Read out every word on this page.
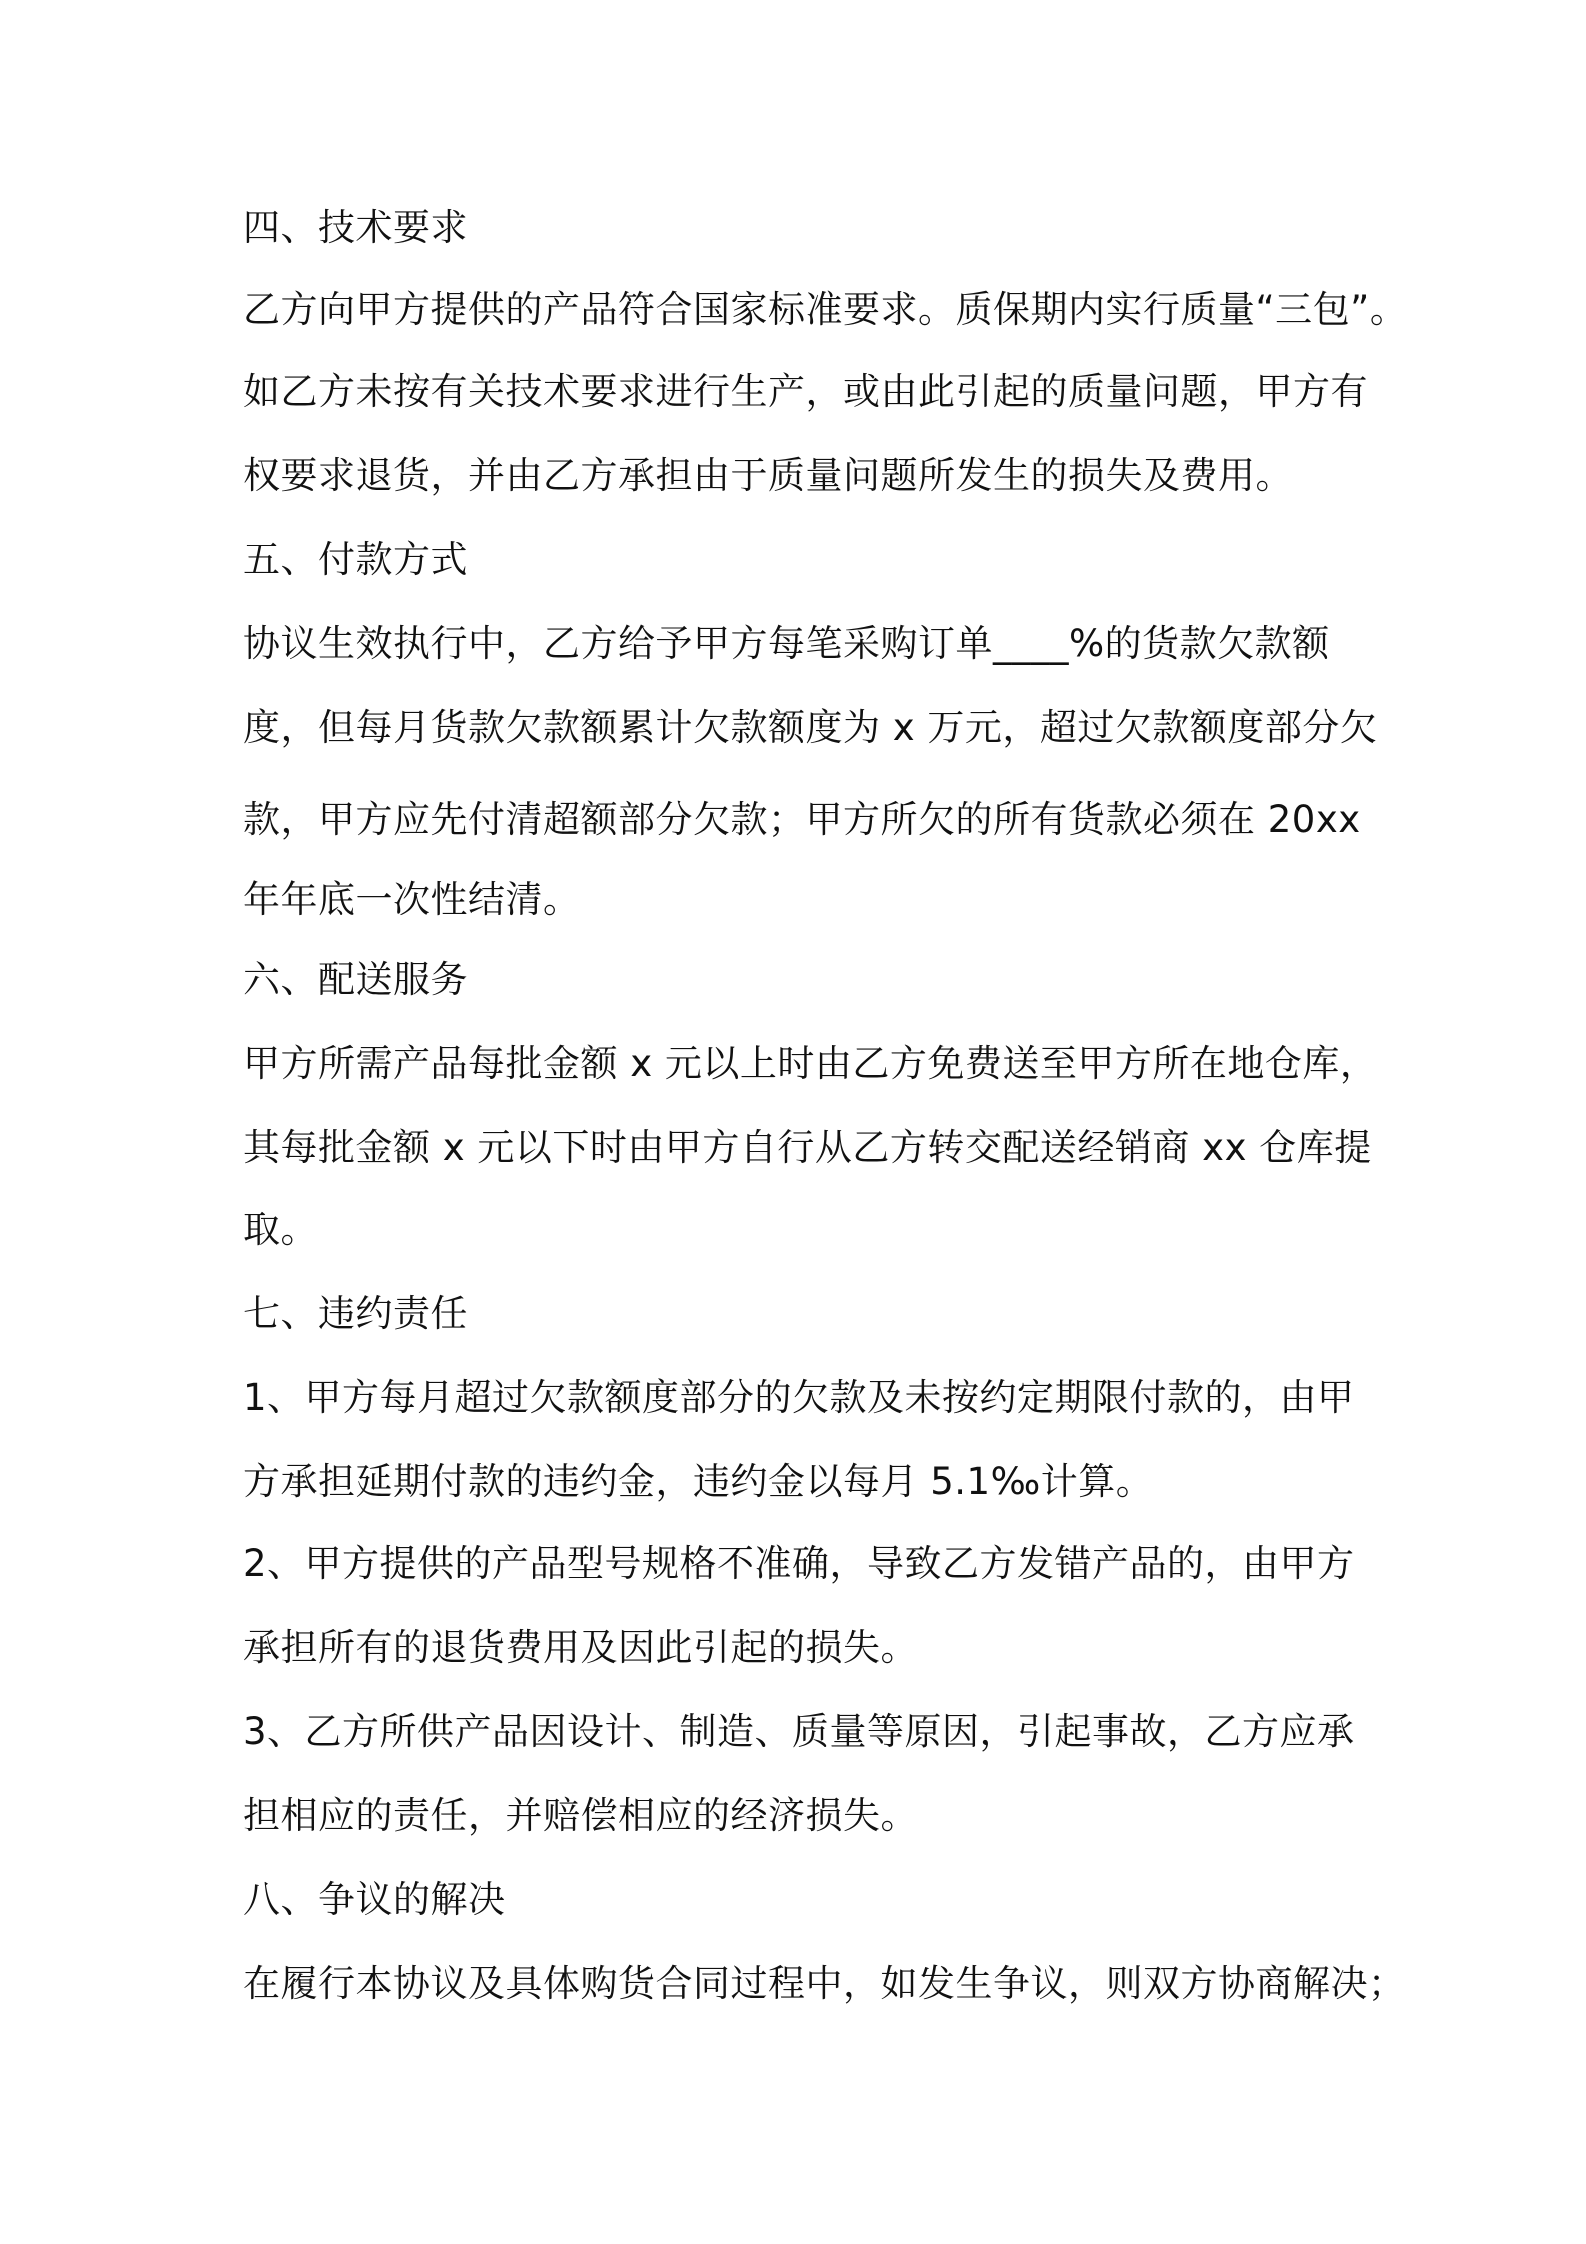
四、技术要求
乙方向甲方提供的产品符合国家标准要求。质保期内实行质量“三包”。
如乙方未按有关技术要求进行生产，或由此引起的质量问题，甲方有
权要求退货，并由乙方承担由于质量问题所发生的损失及费用。
五、付款方式
协议生效执行中，乙方给予甲方每笔采购订单____%的货款欠款额
度，但每月货款欠款额累计欠款额度为 x 万元，超过欠款额度部分欠
款，甲方应先付清超额部分欠款；甲方所欠的所有货款必须在 20xx
年年底一次性结清。
六、配送服务
甲方所需产品每批金额 x 元以上时由乙方免费送至甲方所在地仓库，
其每批金额 x 元以下时由甲方自行从乙方转交配送经销商 xx 仓库提
取。
七、违约责任
1、甲方每月超过欠款额度部分的欠款及未按约定期限付款的，由甲
方承担延期付款的违约金，违约金以每月 5.1‰计算。
2、甲方提供的产品型号规格不准确，导致乙方发错产品的，由甲方
承担所有的退货费用及因此引起的损失。
3、乙方所供产品因设计、制造、质量等原因，引起事故，乙方应承
担相应的责任，并赔偿相应的经济损失。
八、争议的解决
在履行本协议及具体购货合同过程中，如发生争议，则双方协商解决；
